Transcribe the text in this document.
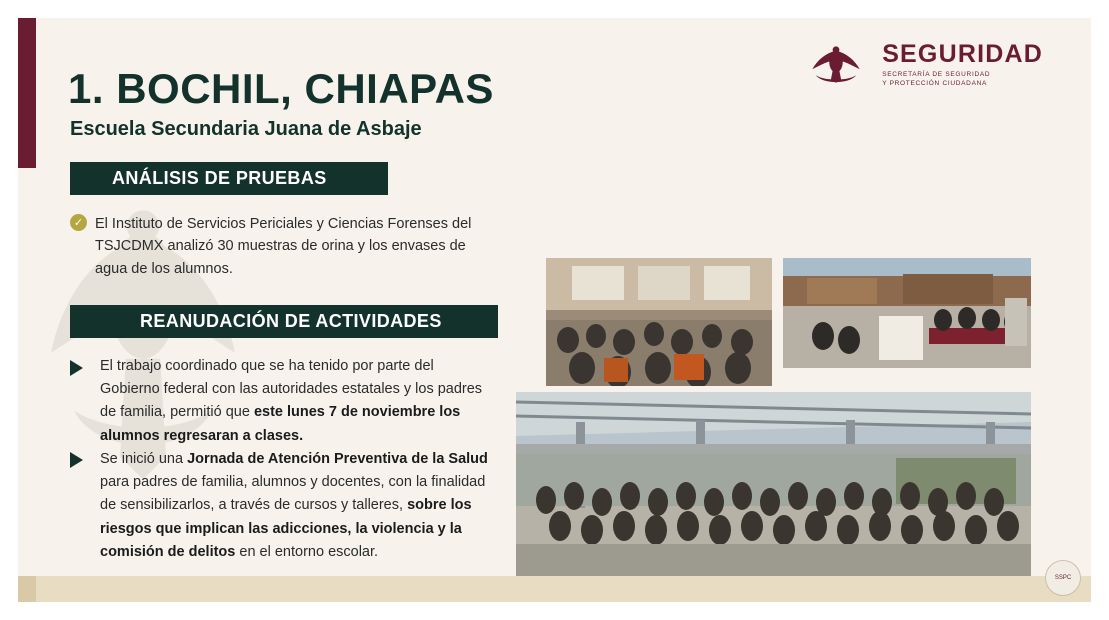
SEGURIDAD
SECRETARÍA DE SEGURIDAD
Y PROTECCIÓN CIUDADANA
1. BOCHIL, CHIAPAS
Escuela Secundaria Juana de Asbaje
ANÁLISIS DE PRUEBAS
✓ El Instituto de Servicios Periciales y Ciencias Forenses del TSJCDMX analizó 30 muestras de orina y los envases de agua de los alumnos.
REANUDACIÓN DE ACTIVIDADES
El trabajo coordinado que se ha tenido por parte del Gobierno federal con las autoridades estatales y los padres de familia, permitió que este lunes 7 de noviembre los alumnos regresaran a clases.
Se inició una Jornada de Atención Preventiva de la Salud para padres de familia, alumnos y docentes, con la finalidad de sensibilizarlos, a través de cursos y talleres, sobre los riesgos que implican las adicciones, la violencia y la comisión de delitos en el entorno escolar.
SSPC
